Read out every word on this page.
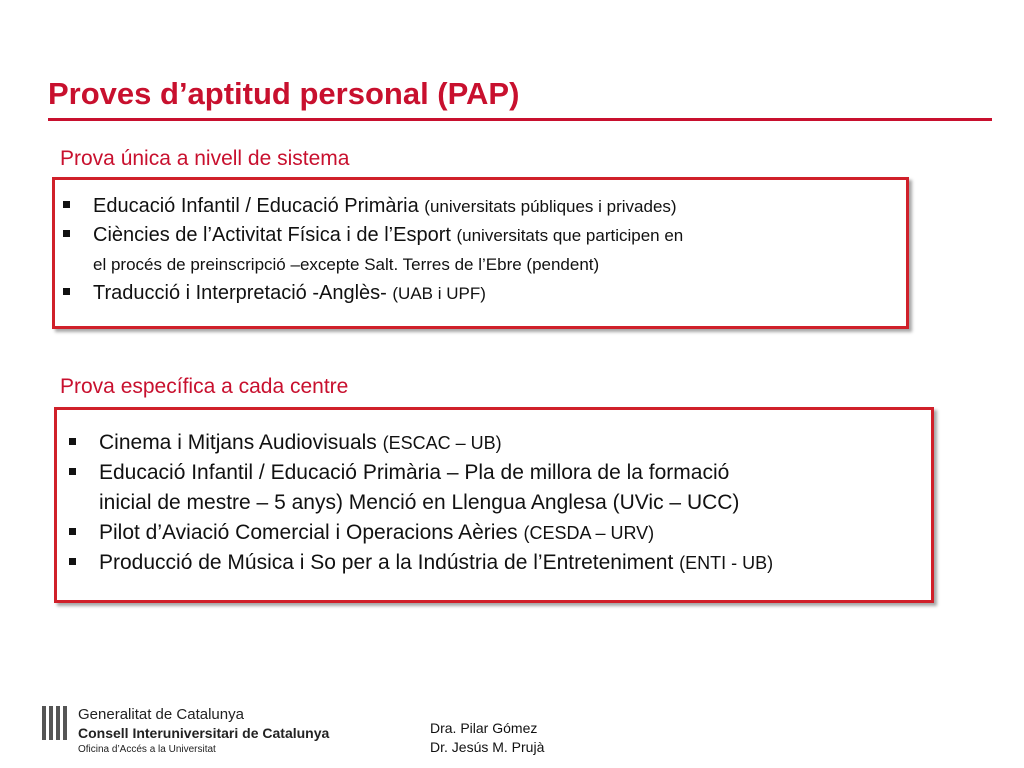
Proves d’aptitud personal (PAP)
Prova única a nivell de sistema
Educació Infantil / Educació Primària (universitats públiques i privades)
Ciències de l’Activitat Física i de l’Esport (universitats que participen en
el procés de preinscripció –excepte Salt. Terres de l’Ebre (pendent)
Traducció i Interpretació -Anglès- (UAB i UPF)
Prova específica a cada centre
Cinema i Mitjans Audiovisuals (ESCAC – UB)
Educació Infantil / Educació Primària – Pla de millora de la formació
inicial de mestre – 5 anys) Menció en Llengua Anglesa (UVic – UCC)
Pilot d’Aviació Comercial i Operacions Aèries (CESDA – URV)
Producció de Música i So per a la Indústria de l’Entreteniment (ENTI - UB)
Generalitat de Catalunya
Consell Interuniversitari de Catalunya
Oficina d’Accés a la Universitat
Dra. Pilar Gómez
Dr. Jesús M. Prujà
